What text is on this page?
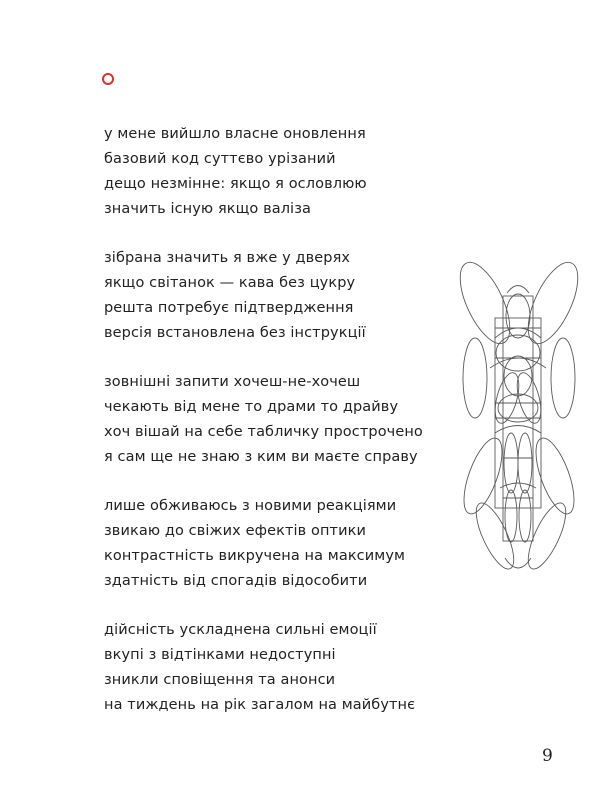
у мене вийшло власне оновлення
базовий код суттєво урізаний
дещо незмінне: якщо я ословлюю
значить існую якщо валіза
зібрана значить я вже у дверях
якщо світанок — кава без цукру
решта потребує підтвердження
версія встановлена без інструкції
зовнішні запити хочеш-не-хочеш
чекають від мене то драми то драйву
хоч вішай на себе табличку прострочено
я сам ще не знаю з ким ви маєте справу
лише обживаюсь з новими реакціями
звикаю до свіжих ефектів оптики
контрастність викручена на максимум
здатність від спогадів відособити
дійсність ускладнена сильні емоції
вкупі з відтінками недоступні
зникли сповіщення та анонси
на тиждень на рік загалом на майбутнє
9
